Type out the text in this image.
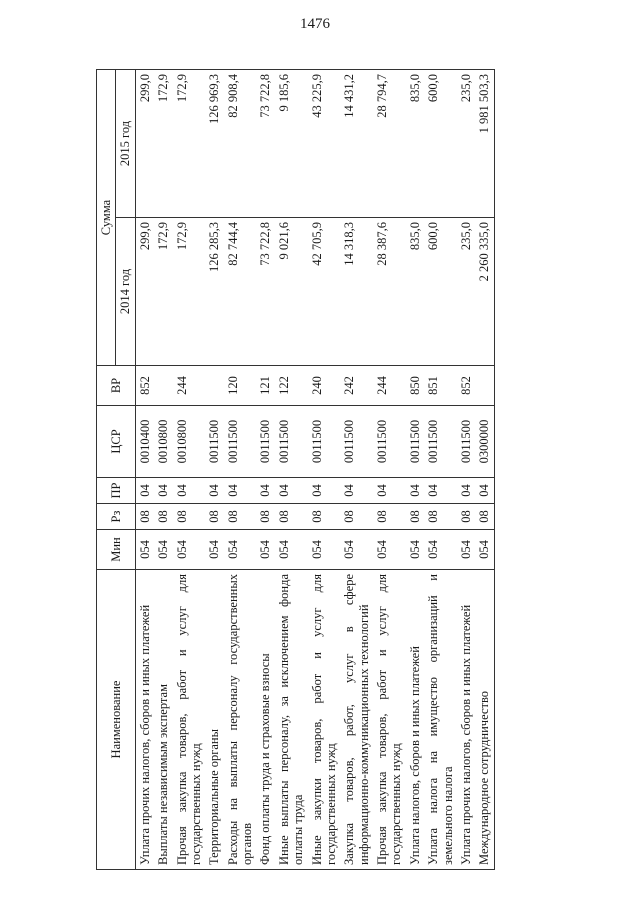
1476
Наименование	Мин	Рз	ПР	ЦСР	ВР	Сумма	
						2014 год	2015 год
Уплата прочих налогов, сборов и иных платежей	054	08	04	0010400	852	299,0	299,0
Выплаты независимым экспертам	054	08	04	0010800		172,9	172,9
Прочая закупка товаров, работ и услуг для государственных нужд	054	08	04	0010800	244	172,9	172,9
Территориальные органы	054	08	04	0011500		126 285,3	126 969,3
Расходы на выплаты персоналу государственных органов	054	08	04	0011500	120	82 744,4	82 908,4
Фонд оплаты труда и страховые взносы	054	08	04	0011500	121	73 722,8	73 722,8
Иные выплаты персоналу, за исключением фонда оплаты труда	054	08	04	0011500	122	9 021,6	9 185,6
Иные закупки товаров, работ и услуг для государственных нужд	054	08	04	0011500	240	42 705,9	43 225,9
Закупка товаров, работ, услуг в сфере информационно-коммуникационных технологий	054	08	04	0011500	242	14 318,3	14 431,2
Прочая закупка товаров, работ и услуг для государственных нужд	054	08	04	0011500	244	28 387,6	28 794,7
Уплата налогов, сборов и иных платежей	054	08	04	0011500	850	835,0	835,0
Уплата налога на имущество организаций и земельного налога	054	08	04	0011500	851	600,0	600,0
Уплата прочих налогов, сборов и иных платежей	054	08	04	0011500	852	235,0	235,0
Международное сотрудничество	054	08	04	0300000		2 260 335,0	1 981 503,3
